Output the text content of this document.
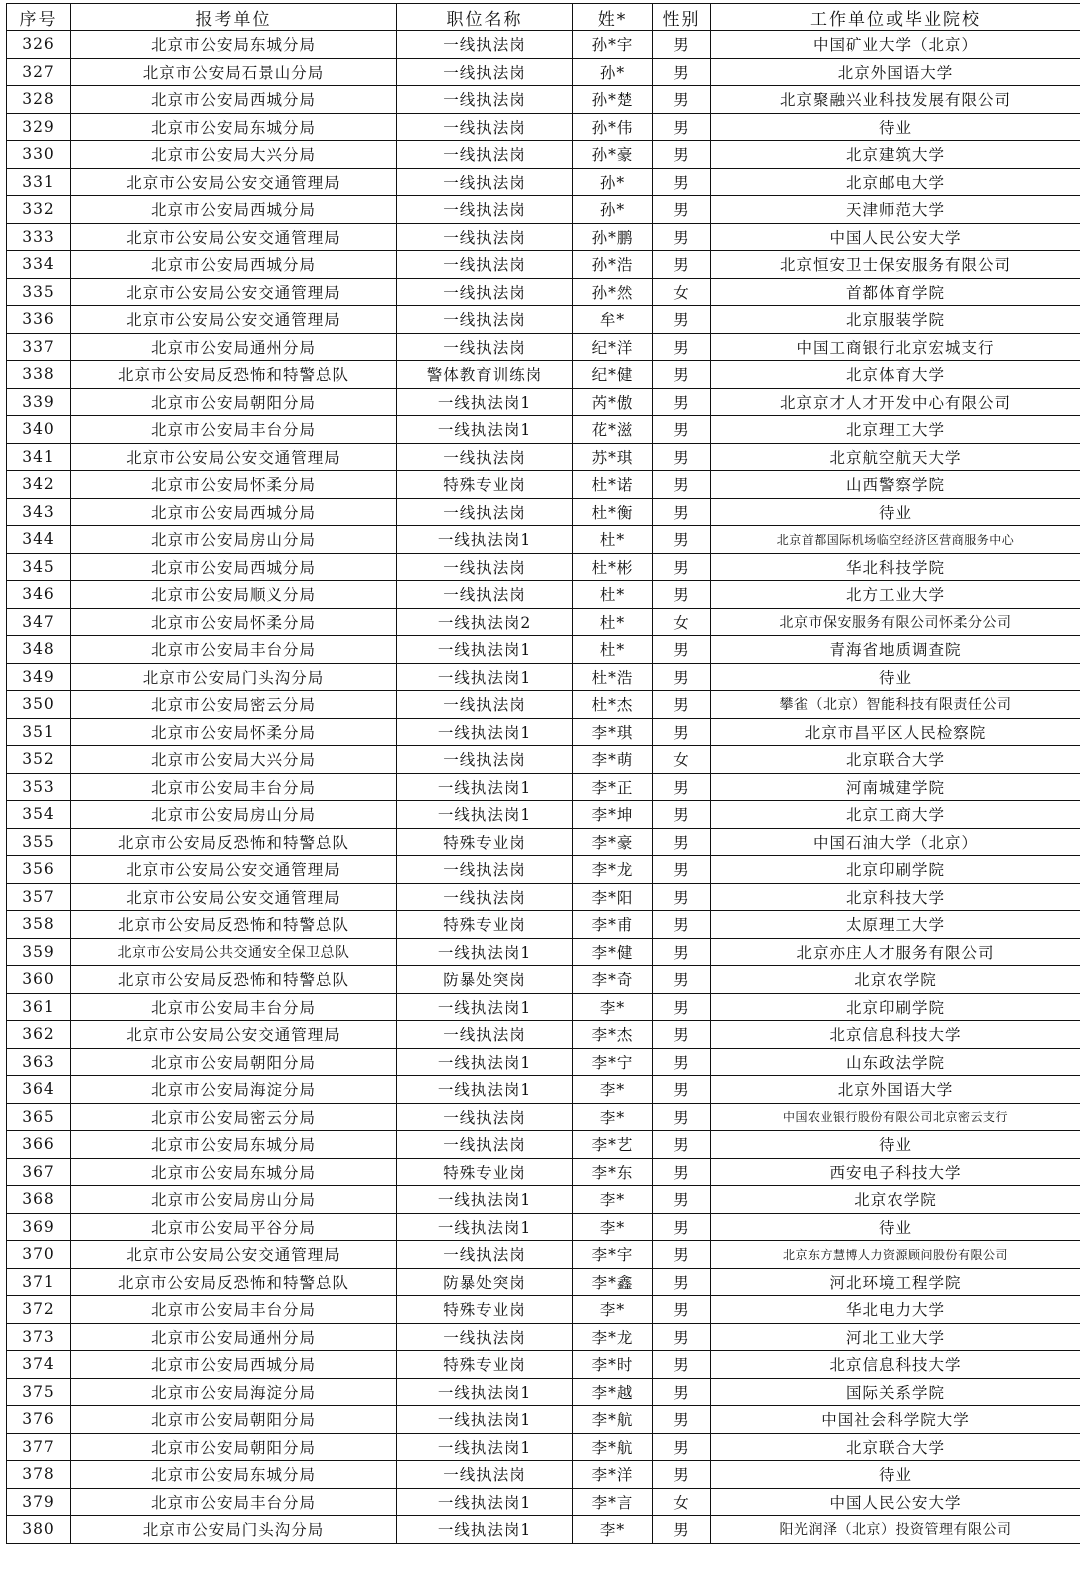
序号	报考单位	职位名称	姓*	性别	工作单位或毕业院校
326	北京市公安局东城分局	一线执法岗	孙*宇	男	中国矿业大学（北京）
327	北京市公安局石景山分局	一线执法岗	孙*	男	北京外国语大学
328	北京市公安局西城分局	一线执法岗	孙*楚	男	北京聚融兴业科技发展有限公司
329	北京市公安局东城分局	一线执法岗	孙*伟	男	待业
330	北京市公安局大兴分局	一线执法岗	孙*豪	男	北京建筑大学
331	北京市公安局公安交通管理局	一线执法岗	孙*	男	北京邮电大学
332	北京市公安局西城分局	一线执法岗	孙*	男	天津师范大学
333	北京市公安局公安交通管理局	一线执法岗	孙*鹏	男	中国人民公安大学
334	北京市公安局西城分局	一线执法岗	孙*浩	男	北京恒安卫士保安服务有限公司
335	北京市公安局公安交通管理局	一线执法岗	孙*然	女	首都体育学院
336	北京市公安局公安交通管理局	一线执法岗	牟*	男	北京服装学院
337	北京市公安局通州分局	一线执法岗	纪*洋	男	中国工商银行北京宏城支行
338	北京市公安局反恐怖和特警总队	警体教育训练岗	纪*健	男	北京体育大学
339	北京市公安局朝阳分局	一线执法岗1	芮*傲	男	北京京才人才开发中心有限公司
340	北京市公安局丰台分局	一线执法岗1	花*滋	男	北京理工大学
341	北京市公安局公安交通管理局	一线执法岗	苏*琪	男	北京航空航天大学
342	北京市公安局怀柔分局	特殊专业岗	杜*诺	男	山西警察学院
343	北京市公安局西城分局	一线执法岗	杜*衡	男	待业
344	北京市公安局房山分局	一线执法岗1	杜*	男	北京首都国际机场临空经济区营商服务中心
345	北京市公安局西城分局	一线执法岗	杜*彬	男	华北科技学院
346	北京市公安局顺义分局	一线执法岗	杜*	男	北方工业大学
347	北京市公安局怀柔分局	一线执法岗2	杜*	女	北京市保安服务有限公司怀柔分公司
348	北京市公安局丰台分局	一线执法岗1	杜*	男	青海省地质调查院
349	北京市公安局门头沟分局	一线执法岗1	杜*浩	男	待业
350	北京市公安局密云分局	一线执法岗	杜*杰	男	攀雀（北京）智能科技有限责任公司
351	北京市公安局怀柔分局	一线执法岗1	李*琪	男	北京市昌平区人民检察院
352	北京市公安局大兴分局	一线执法岗	李*萌	女	北京联合大学
353	北京市公安局丰台分局	一线执法岗1	李*正	男	河南城建学院
354	北京市公安局房山分局	一线执法岗1	李*坤	男	北京工商大学
355	北京市公安局反恐怖和特警总队	特殊专业岗	李*豪	男	中国石油大学（北京）
356	北京市公安局公安交通管理局	一线执法岗	李*龙	男	北京印刷学院
357	北京市公安局公安交通管理局	一线执法岗	李*阳	男	北京科技大学
358	北京市公安局反恐怖和特警总队	特殊专业岗	李*甫	男	太原理工大学
359	北京市公安局公共交通安全保卫总队	一线执法岗1	李*健	男	北京亦庄人才服务有限公司
360	北京市公安局反恐怖和特警总队	防暴处突岗	李*奇	男	北京农学院
361	北京市公安局丰台分局	一线执法岗1	李*	男	北京印刷学院
362	北京市公安局公安交通管理局	一线执法岗	李*杰	男	北京信息科技大学
363	北京市公安局朝阳分局	一线执法岗1	李*宁	男	山东政法学院
364	北京市公安局海淀分局	一线执法岗1	李*	男	北京外国语大学
365	北京市公安局密云分局	一线执法岗	李*	男	中国农业银行股份有限公司北京密云支行
366	北京市公安局东城分局	一线执法岗	李*艺	男	待业
367	北京市公安局东城分局	特殊专业岗	李*东	男	西安电子科技大学
368	北京市公安局房山分局	一线执法岗1	李*	男	北京农学院
369	北京市公安局平谷分局	一线执法岗1	李*	男	待业
370	北京市公安局公安交通管理局	一线执法岗	李*宇	男	北京东方慧博人力资源顾问股份有限公司
371	北京市公安局反恐怖和特警总队	防暴处突岗	李*鑫	男	河北环境工程学院
372	北京市公安局丰台分局	特殊专业岗	李*	男	华北电力大学
373	北京市公安局通州分局	一线执法岗	李*龙	男	河北工业大学
374	北京市公安局西城分局	特殊专业岗	李*时	男	北京信息科技大学
375	北京市公安局海淀分局	一线执法岗1	李*越	男	国际关系学院
376	北京市公安局朝阳分局	一线执法岗1	李*航	男	中国社会科学院大学
377	北京市公安局朝阳分局	一线执法岗1	李*航	男	北京联合大学
378	北京市公安局东城分局	一线执法岗	李*洋	男	待业
379	北京市公安局丰台分局	一线执法岗1	李*言	女	中国人民公安大学
380	北京市公安局门头沟分局	一线执法岗1	李*	男	阳光润泽（北京）投资管理有限公司
